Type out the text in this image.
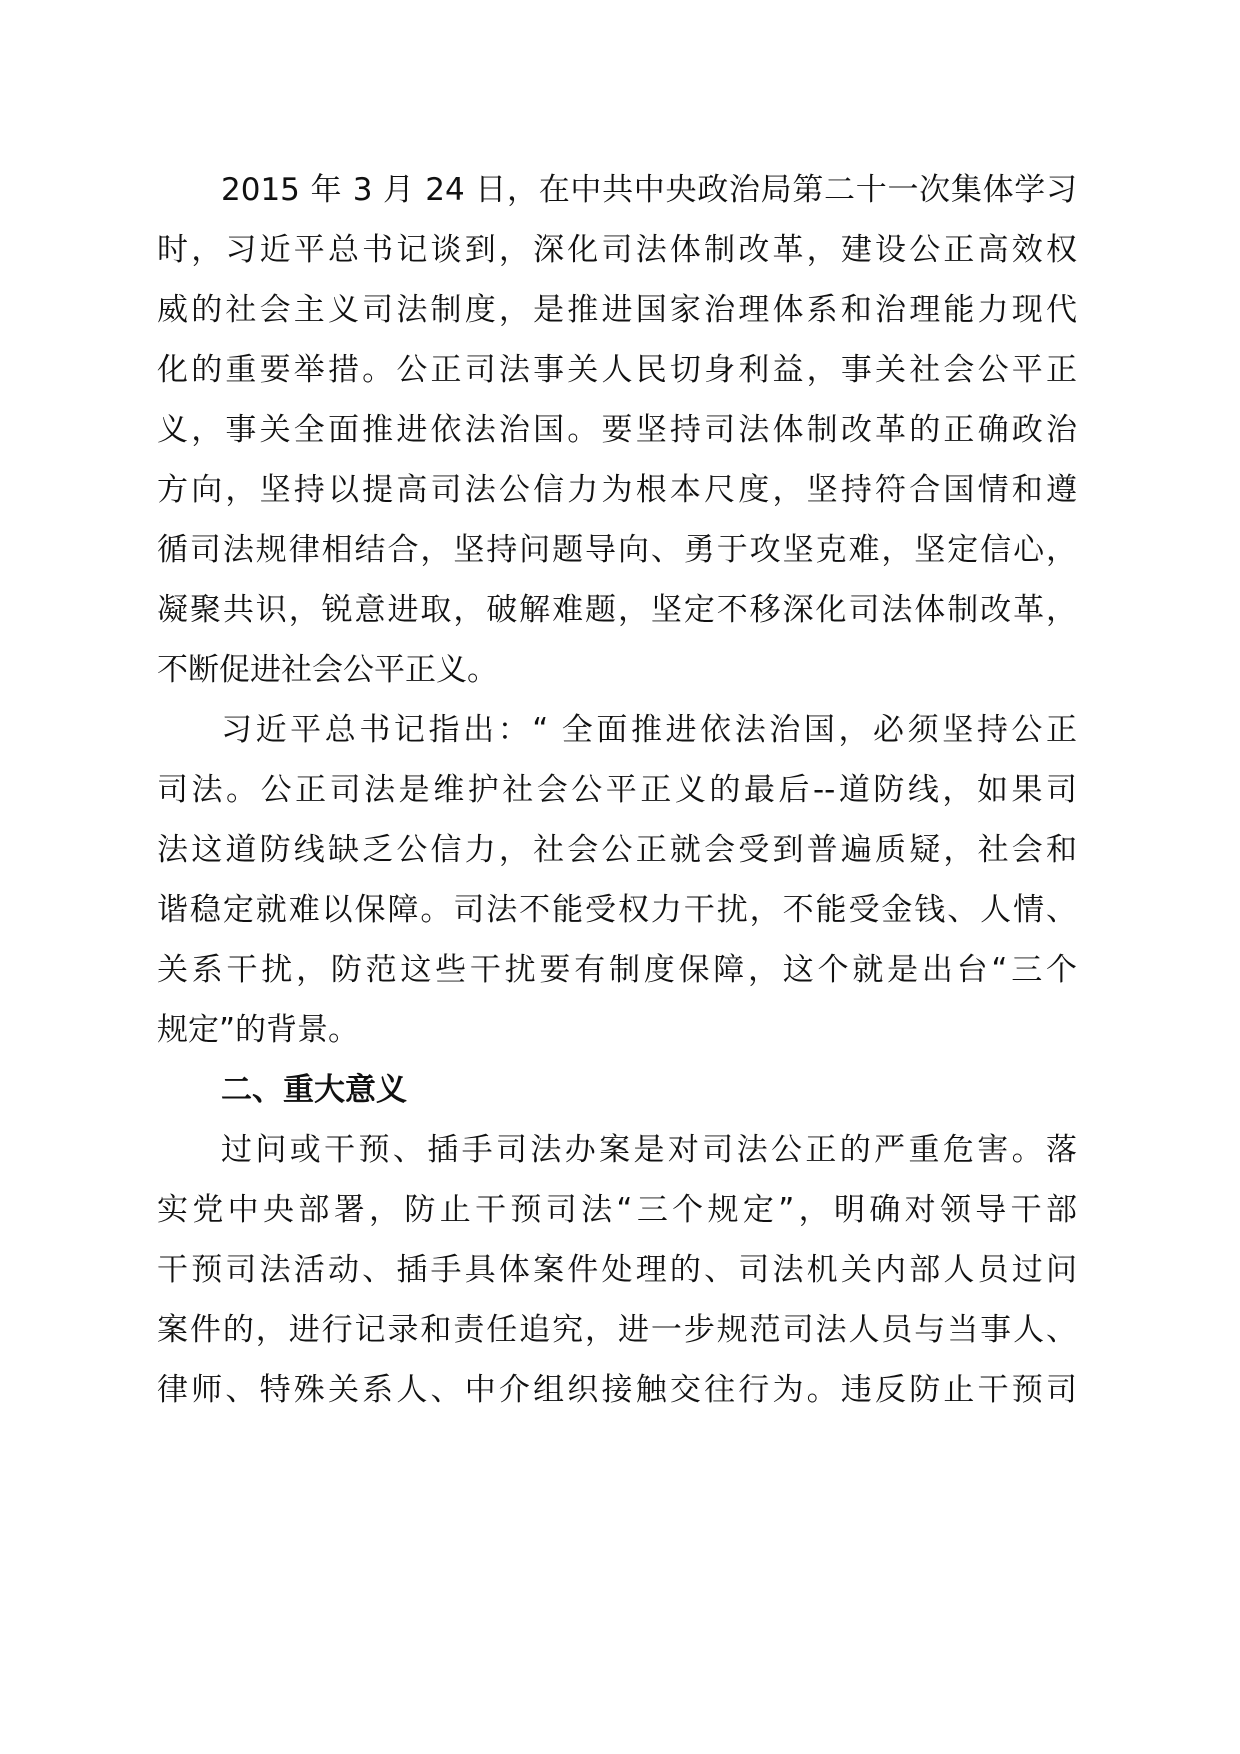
2015 年 3 月 24 日，在中共中央政治局第二十一次集体学习
时，习近平总书记谈到，深化司法体制改革，建设公正高效权
威的社会主义司法制度，是推进国家治理体系和治理能力现代
化的重要举措。公正司法事关人民切身利益，事关社会公平正
义，事关全面推进依法治国。要坚持司法体制改革的正确政治
方向，坚持以提高司法公信力为根本尺度，坚持符合国情和遵
循司法规律相结合，坚持问题导向、勇于攻坚克难，坚定信心，
凝聚共识，锐意进取，破解难题，坚定不移深化司法体制改革，
不断促进社会公平正义。
习近平总书记指出：“ 全面推进依法治国，必须坚持公正
司法。公正司法是维护社会公平正义的最后--道防线，如果司
法这道防线缺乏公信力，社会公正就会受到普遍质疑，社会和
谐稳定就难以保障。司法不能受权力干扰，不能受金钱、人情、
关系干扰，防范这些干扰要有制度保障，这个就是出台“三个
规定”的背景。
二、重大意义
过问或干预、插手司法办案是对司法公正的严重危害。落
实党中央部署，防止干预司法“三个规定”，明确对领导干部
干预司法活动、插手具体案件处理的、司法机关内部人员过问
案件的，进行记录和责任追究，进一步规范司法人员与当事人、
律师、特殊关系人、中介组织接触交往行为。违反防止干预司
